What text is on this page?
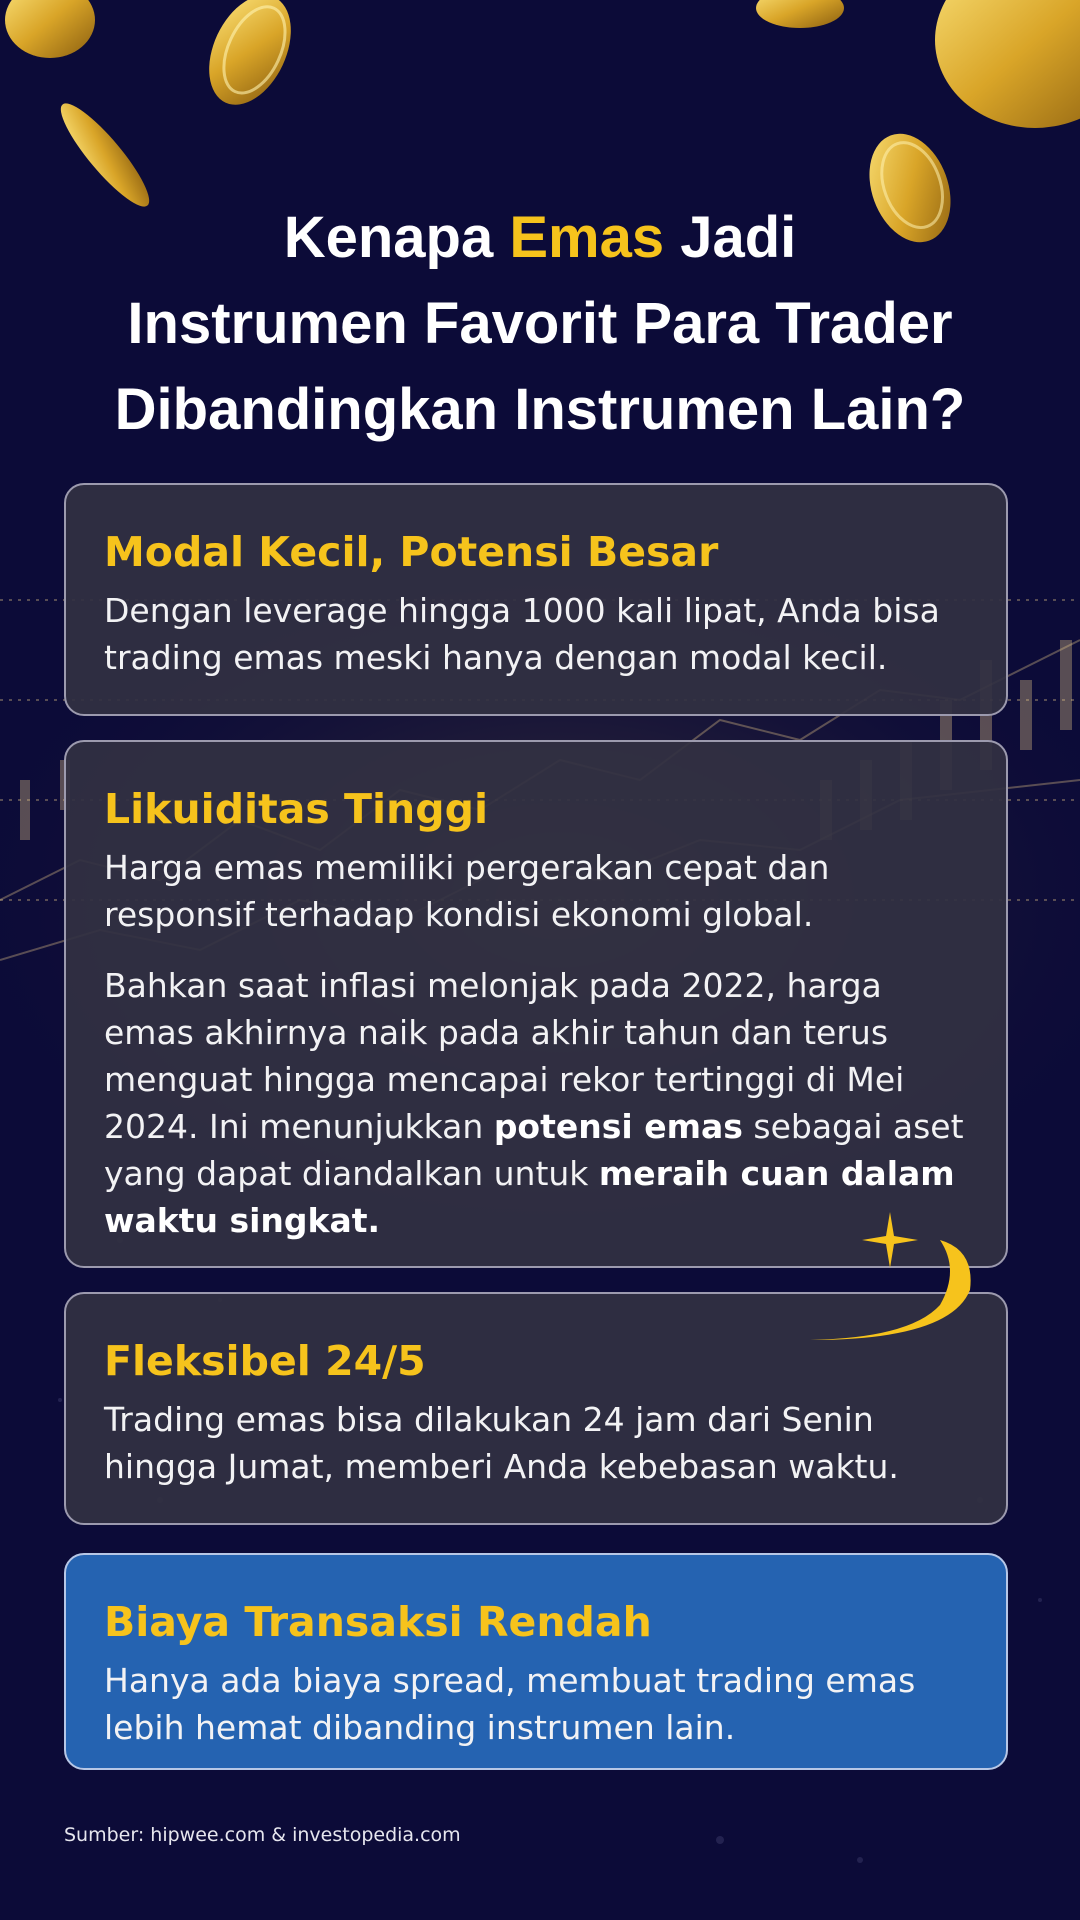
Kenapa Emas Jadi
Instrumen Favorit Para Trader
Dibandingkan Instrumen Lain?
Modal Kecil, Potensi Besar

Dengan leverage hingga 1000 kali lipat, Anda bisa trading emas meski hanya dengan modal kecil.

Likuiditas Tinggi

Harga emas memiliki pergerakan cepat dan responsif terhadap kondisi ekonomi global.

Bahkan saat inflasi melonjak pada 2022, harga emas akhirnya naik pada akhir tahun dan terus menguat hingga mencapai rekor tertinggi di Mei 2024. Ini menunjukkan potensi emas sebagai aset yang dapat diandalkan untuk meraih cuan dalam waktu singkat.

Fleksibel 24/5

Trading emas bisa dilakukan 24 jam dari Senin hingga Jumat, memberi Anda kebebasan waktu.

Biaya Transaksi Rendah

Hanya ada biaya spread, membuat trading emas lebih hemat dibanding instrumen lain.

Sumber: hipwee.com & investopedia.com
